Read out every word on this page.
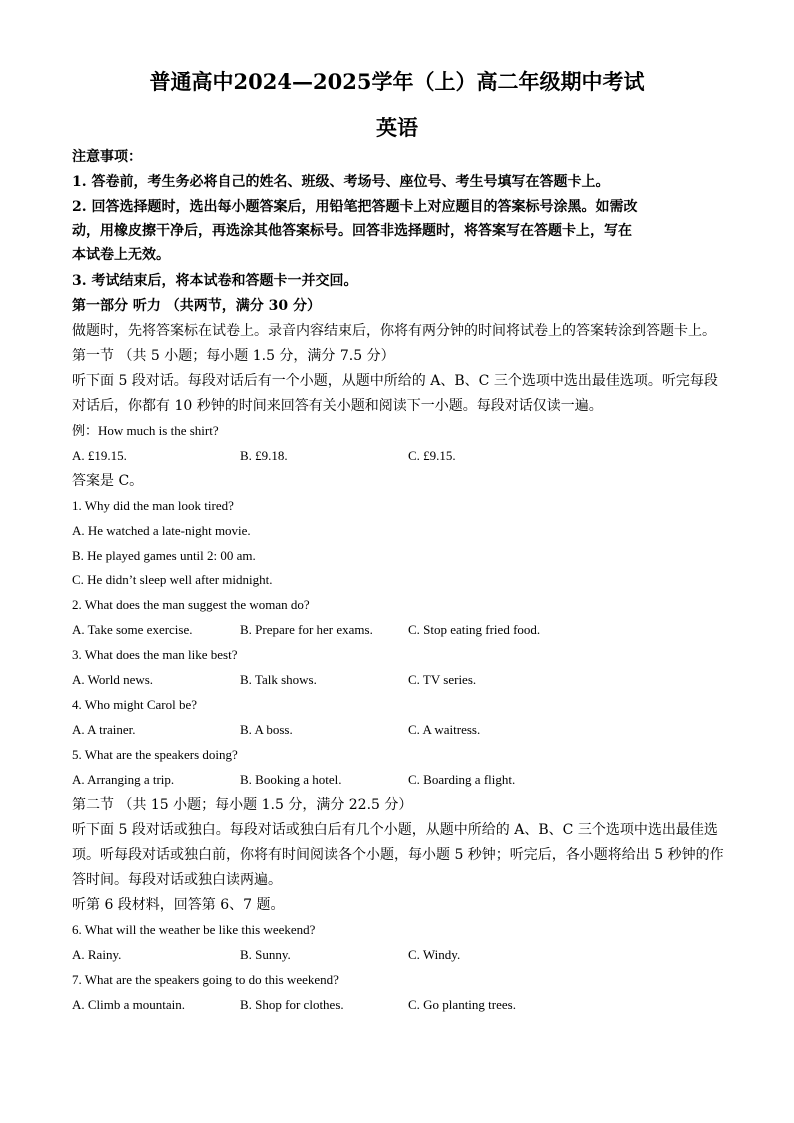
普通高中2024—2025学年（上）高二年级期中考试
英语
注意事项：
1. 答卷前，考生务必将自己的姓名、班级、考场号、座位号、考生号填写在答题卡上。
2. 回答选择题时，选出每小题答案后，用铅笔把答题卡上对应题目的答案标号涂黑。如需改
动，用橡皮擦干净后，再选涂其他答案标号。回答非选择题时，将答案写在答题卡上，写在
本试卷上无效。
3. 考试结束后，将本试卷和答题卡一并交回。
第一部分 听力 （共两节，满分 30 分）
做题时，先将答案标在试卷上。录音内容结束后，你将有两分钟的时间将试卷上的答案转涂到答题卡上。
第一节 （共 5 小题；每小题 1.5 分，满分 7.5 分）
听下面 5 段对话。每段对话后有一个小题，从题中所给的 A、B、C 三个选项中选出最佳选项。听完每段
对话后，你都有 10 秒钟的时间来回答有关小题和阅读下一小题。每段对话仅读一遍。
例：How much is the shirt?
A. £19.15.	B. £9.18.	C. £9.15.
答案是 C。
1. Why did the man look tired?
A. He watched a late-night movie.
B. He played games until 2: 00 am.
C. He didn’t sleep well after midnight.
2. What does the man suggest the woman do?
A. Take some exercise.	B. Prepare for her exams.	C. Stop eating fried food.
3. What does the man like best?
A. World news.	B. Talk shows.	C. TV series.
4. Who might Carol be?
A. A trainer.	B. A boss.	C. A waitress.
5. What are the speakers doing?
A. Arranging a trip.	B. Booking a hotel.	C. Boarding a flight.
第二节 （共 15 小题；每小题 1.5 分，满分 22.5 分）
听下面 5 段对话或独白。每段对话或独白后有几个小题，从题中所给的 A、B、C 三个选项中选出最佳选
项。听每段对话或独白前，你将有时间阅读各个小题，每小题 5 秒钟；听完后，各小题将给出 5 秒钟的作
答时间。每段对话或独白读两遍。
听第 6 段材料，回答第 6、7 题。
6. What will the weather be like this weekend?
A. Rainy.	B. Sunny.	C. Windy.
7. What are the speakers going to do this weekend?
A. Climb a mountain.	B. Shop for clothes.	C. Go planting trees.
